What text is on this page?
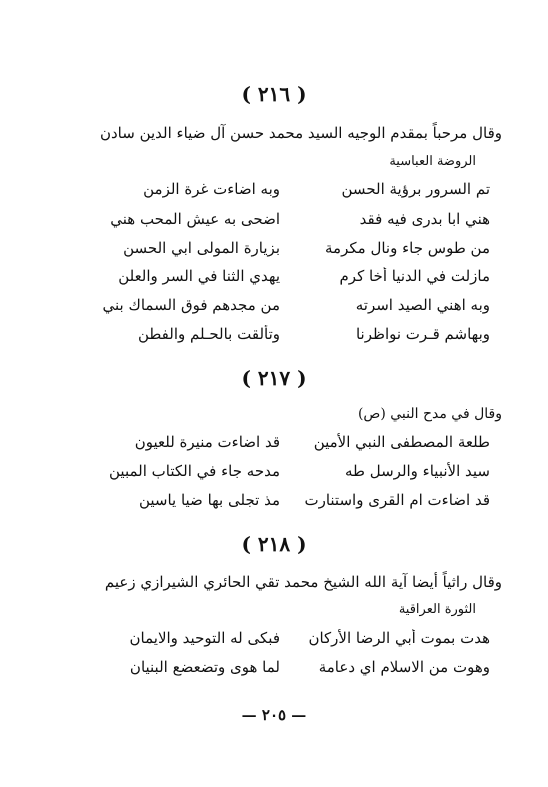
( ٢١٦ )
وقال مرحباً بمقدم الوجيه السيد محمد حسن آل ضياء الدين سادن
الروضة العباسية
تم السرور برؤية الحسن
وبه اضاءت غرة الزمن
هني ابا بدرى فيه فقد
اضحى به عيش المحب هني
من طوس جاء ونال مكرمة
بزيارة المولى ابي الحسن
مازلت في الدنيا أخا كرم
يهدي الثنا في السر والعلن
وبه اهني الصيد اسرته
من مجدهم فوق السماك بني
وبهاشم قـرت نواظرنا
وتألقت بالحـلم والفطن
( ٢١٧ )
وقال في مدح النبي (ص)
طلعة المصطفى النبي الأمين
قد اضاءت منيرة للعيون
سيد الأنبياء والرسل طه
مدحه جاء في الكتاب المبين
قد اضاءت ام القرى واستنارت
مذ تجلى بها ضيا ياسين
( ٢١٨ )
وقال راثياً أيضا آية الله الشيخ محمد تقي الحائري الشيرازي زعيم
الثورة العراقية
هدت بموت أبي الرضا الأركان
فبكى له التوحيد والايمان
وهوت من الاسلام اي دعامة
لما هوى وتضعضع البنيان
— ٢٠٥ —
